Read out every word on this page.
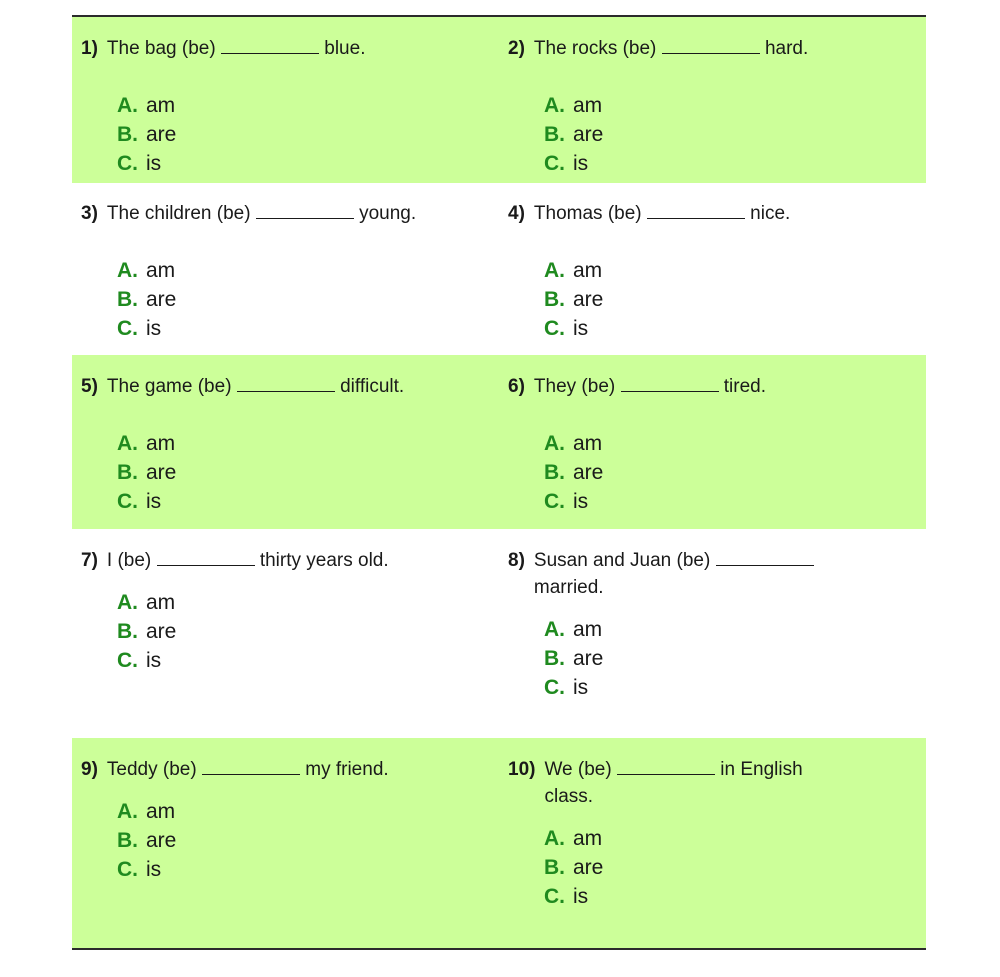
1) The bag (be)	blue.
A. am
B. are
C. is
2) The rocks (be)	hard.
A. am
B. are
C. is
3) The children (be)	young.
A. am
B. are
C. is
4) Thomas (be)	nice.
A. am
B. are
C. is
5) The game (be)	difficult.
A. am
B. are
C. is
6) They (be)	tired.
A. am
B. are
C. is
7) I (be)	thirty years old.
A. am
B. are
C. is
8) Susan and Juan (be)  married.
A. am
B. are
C. is
9) Teddy (be)	my friend.
A. am
B. are
C. is
10) We (be)	in English class.
A. am
B. are
C. is
